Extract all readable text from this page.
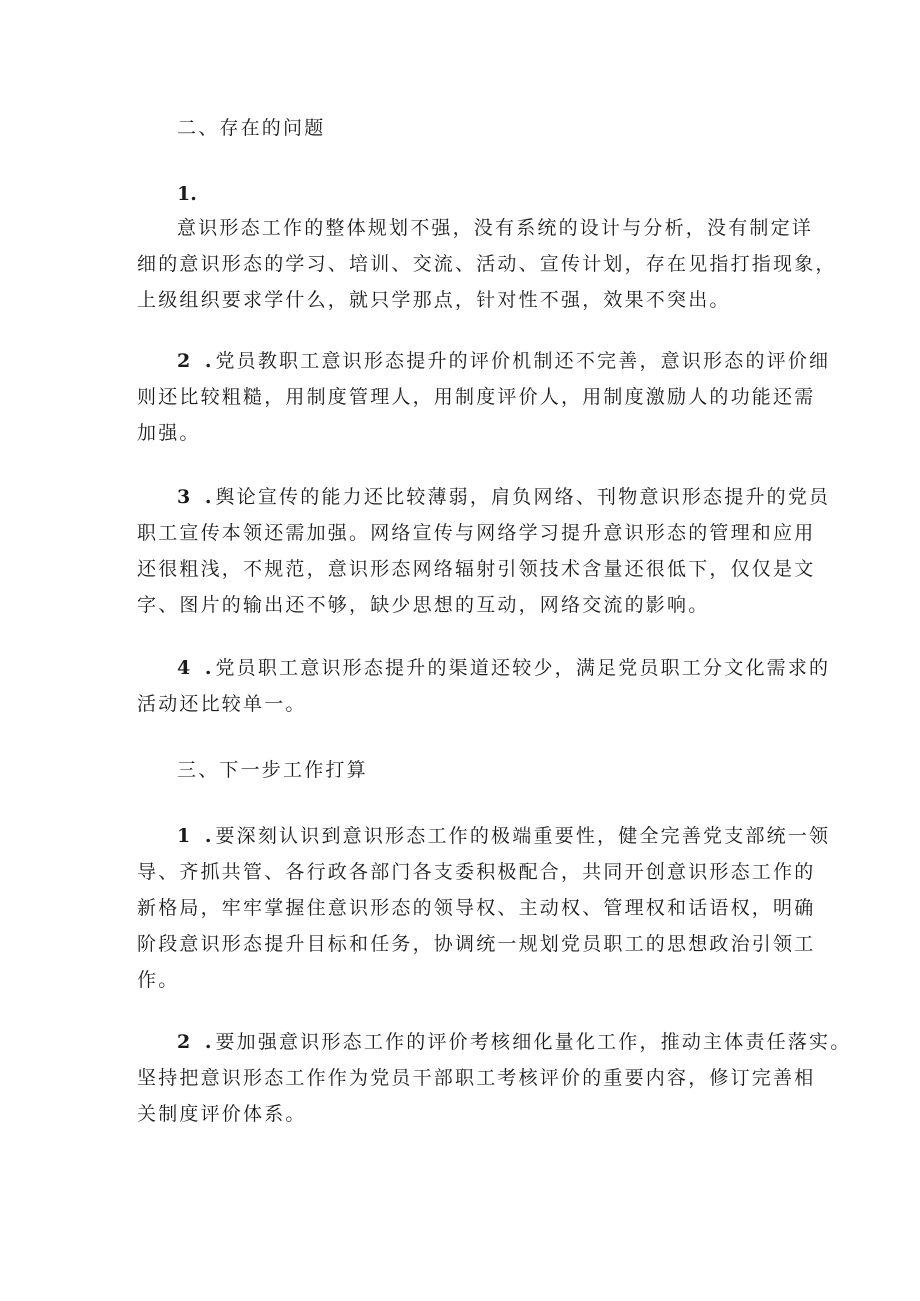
二、存在的问题
1.
意识形态工作的整体规划不强，没有系统的设计与分析，没有制定详
细的意识形态的学习、培训、交流、活动、宣传计划，存在见指打指现象，
上级组织要求学什么，就只学那点，针对性不强，效果不突出。
2 .党员教职工意识形态提升的评价机制还不完善，意识形态的评价细
则还比较粗糙，用制度管理人，用制度评价人，用制度激励人的功能还需
加强。
3 .舆论宣传的能力还比较薄弱，肩负网络、刊物意识形态提升的党员
职工宣传本领还需加强。网络宣传与网络学习提升意识形态的管理和应用
还很粗浅，不规范，意识形态网络辐射引领技术含量还很低下，仅仅是文
字、图片的输出还不够，缺少思想的互动，网络交流的影响。
4 .党员职工意识形态提升的渠道还较少，满足党员职工分文化需求的
活动还比较单一。
三、下一步工作打算
1 .要深刻认识到意识形态工作的极端重要性，健全完善党支部统一领
导、齐抓共管、各行政各部门各支委积极配合，共同开创意识形态工作的
新格局，牢牢掌握住意识形态的领导权、主动权、管理权和话语权，明确
阶段意识形态提升目标和任务，协调统一规划党员职工的思想政治引领工
作。
2 .要加强意识形态工作的评价考核细化量化工作，推动主体责任落实。
坚持把意识形态工作作为党员干部职工考核评价的重要内容，修订完善相
关制度评价体系。
